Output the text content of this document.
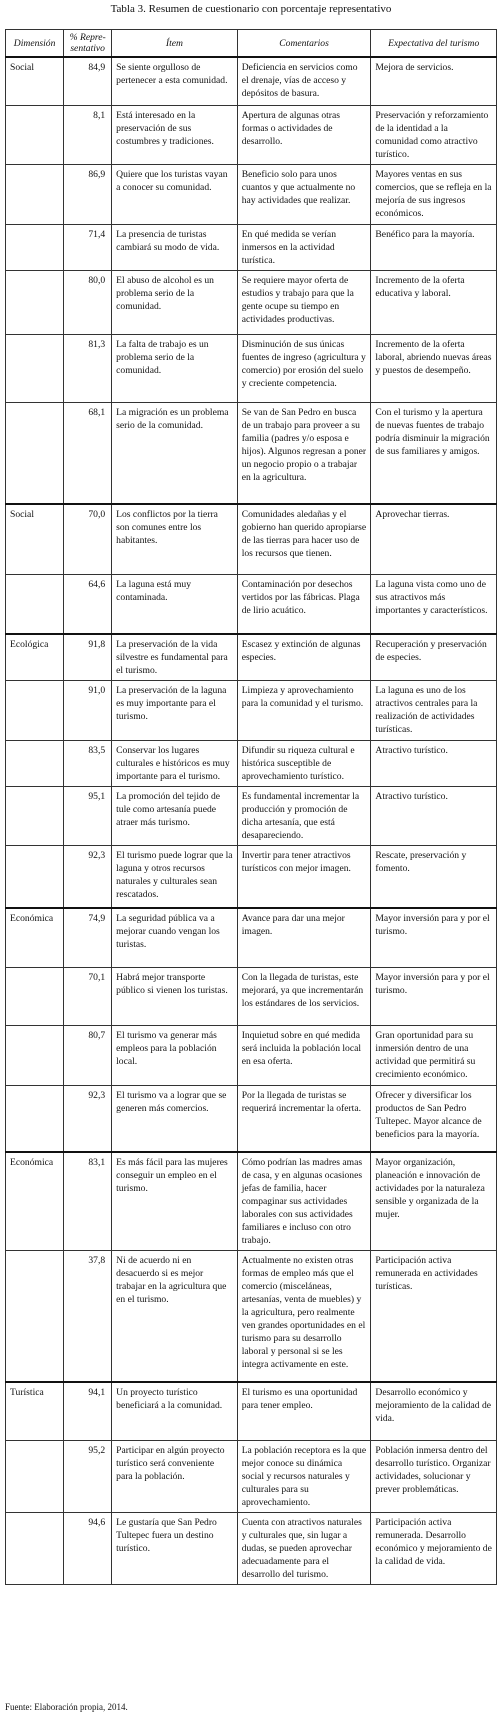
Tabla 3. Resumen de cuestionario con porcentaje representativo
Dimensión	% Repre-sentativo	Ítem	Comentarios	Expectativa del turismo
Social	84,9	Se siente orgulloso de pertenecer a esta comunidad.	Deficiencia en servicios como el drenaje, vías de acceso y depósitos de basura.	Mejora de servicios.
	8,1	Está interesado en la preservación de sus costumbres y tradiciones.	Apertura de algunas otras formas o actividades de desarrollo.	Preservación y reforzamiento de la identidad a la comunidad como atractivo turístico.
	86,9	Quiere que los turistas vayan a conocer su comunidad.	Beneficio solo para unos cuantos y que actualmente no hay actividades que realizar.	Mayores ventas en sus comercios, que se refleja en la mejoría de sus ingresos económicos.
	71,4	La presencia de turistas cambiará su modo de vida.	En qué medida se verían inmersos en la actividad turística.	Benéfico para la mayoría.
	80,0	El abuso de alcohol es un problema serio de la comunidad.	Se requiere mayor oferta de estudios y trabajo para que la gente ocupe su tiempo en actividades productivas.	Incremento de la oferta educativa y laboral.
	81,3	La falta de trabajo es un problema serio de la comunidad.	Disminución de sus únicas fuentes de ingreso (agricultura y comercio) por erosión del suelo y creciente competencia.	Incremento de la oferta laboral, abriendo nuevas áreas y puestos de desempeño.
	68,1	La migración es un problema serio de la comunidad.	Se van de San Pedro en busca de un trabajo para proveer a su familia (padres y/o esposa e hijos). Algunos regresan a poner un negocio propio o a trabajar en la agricultura.	Con el turismo y la apertura de nuevas fuentes de trabajo podría disminuir la migración de sus familiares y amigos.
Social	70,0	Los conflictos por la tierra son comunes entre los habitantes.	Comunidades aledañas y el gobierno han querido apropiarse de las tierras para hacer uso de los recursos que tienen.	Aprovechar tierras.
	64,6	La laguna está muy contaminada.	Contaminación por desechos vertidos por las fábricas. Plaga de lirio acuático.	La laguna vista como uno de sus atractivos más importantes y característicos.
Ecológica	91,8	La preservación de la vida silvestre es fundamental para el turismo.	Escasez y extinción de algunas especies.	Recuperación y preservación de especies.
	91,0	La preservación de la laguna es muy importante para el turismo.	Limpieza y aprovechamiento para la comunidad y el turismo.	La laguna es uno de los atractivos centrales para la realización de actividades turísticas.
	83,5	Conservar los lugares culturales e históricos es muy importante para el turismo.	Difundir su riqueza cultural e histórica susceptible de aprovechamiento turístico.	Atractivo turístico.
	95,1	La promoción del tejido de tule como artesanía puede atraer más turismo.	Es fundamental incrementar la producción y promoción de dicha artesanía, que está desapareciendo.	Atractivo turístico.
	92,3	El turismo puede lograr que la laguna y otros recursos naturales y culturales sean rescatados.	Invertir para tener atractivos turísticos con mejor imagen.	Rescate, preservación y fomento.
Económica	74,9	La seguridad pública va a mejorar cuando vengan los turistas.	Avance para dar una mejor imagen.	Mayor inversión para y por el turismo.
	70,1	Habrá mejor transporte público si vienen los turistas.	Con la llegada de turistas, este mejorará, ya que incrementarán los estándares de los servicios.	Mayor inversión para y por el turismo.
	80,7	El turismo va generar más empleos para la población local.	Inquietud sobre en qué medida será incluida la población local en esa oferta.	Gran oportunidad para su inmersión dentro de una actividad que permitirá su crecimiento económico.
	92,3	El turismo va a lograr que se generen más comercios.	Por la llegada de turistas se requerirá incrementar la oferta.	Ofrecer y diversificar los productos de San Pedro Tultepec. Mayor alcance de beneficios para la mayoría.
Económica	83,1	Es más fácil para las mujeres conseguir un empleo en el turismo.	Cómo podrían las madres amas de casa, y en algunas ocasiones jefas de familia, hacer compaginar sus actividades laborales con sus actividades familiares e incluso con otro trabajo.	Mayor organización, planeación e innovación de actividades por la naturaleza sensible y organizada de la mujer.
	37,8	Ni de acuerdo ni en desacuerdo si es mejor trabajar en la agricultura que en el turismo.	Actualmente no existen otras formas de empleo más que el comercio (misceláneas, artesanías, venta de muebles) y la agricultura, pero realmente ven grandes oportunidades en el turismo para su desarrollo laboral y personal si se les integra activamente en este.	Participación activa remunerada en actividades turísticas.
Turística	94,1	Un proyecto turístico beneficiará a la comunidad.	El turismo es una oportunidad para tener empleo.	Desarrollo económico y mejoramiento de la calidad de vida.
	95,2	Participar en algún proyecto turístico será conveniente para la población.	La población receptora es la que mejor conoce su dinámica social y recursos naturales y culturales para su aprovechamiento.	Población inmersa dentro del desarrollo turístico. Organizar actividades, solucionar y prever problemáticas.
	94,6	Le gustaría que San Pedro Tultepec fuera un destino turístico.	Cuenta con atractivos naturales y culturales que, sin lugar a dudas, se pueden aprovechar adecuadamente para el desarrollo del turismo.	Participación activa remunerada. Desarrollo económico y mejoramiento de la calidad de vida.
Fuente: Elaboración propia, 2014.
